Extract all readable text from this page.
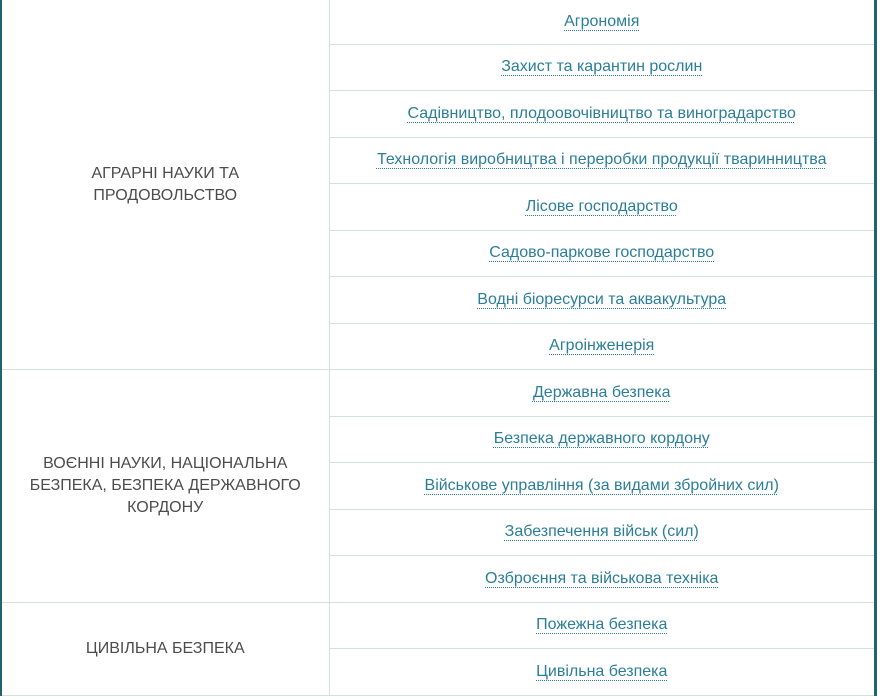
АГРАРНІ НАУКИ ТА ПРОДОВОЛЬСТВО	Агрономія
	Захист та карантин рослин
	Садівництво, плодоовочівництво та виноградарство
	Технологія виробництва і переробки продукції тваринництва
	Лісове господарство
	Садово-паркове господарство
	Водні біоресурси та аквакультура
	Агроінженерія
ВОЄННІ НАУКИ, НАЦІОНАЛЬНА БЕЗПЕКА, БЕЗПЕКА ДЕРЖАВНОГО КОРДОНУ	Державна безпека
	Безпека державного кордону
	Військове управління (за видами збройних сил)
	Забезпечення військ (сил)
	Озброєння та військова техніка
ЦИВІЛЬНА БЕЗПЕКА	Пожежна безпека
	Цивільна безпека
